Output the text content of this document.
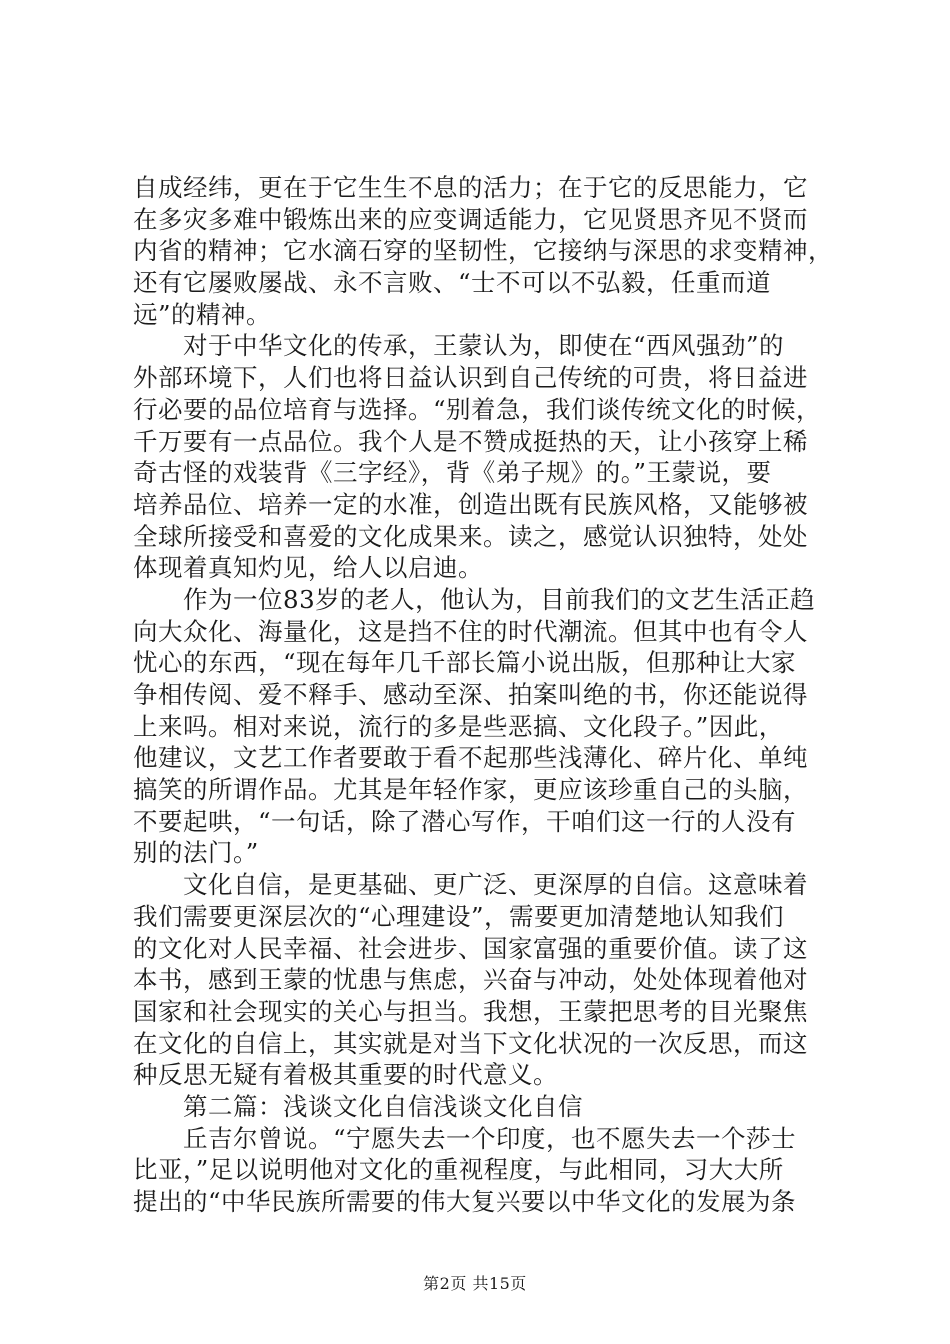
自成经纬，更在于它生生不息的活力；在于它的反思能力，它
在多灾多难中锻炼出来的应变调适能力，它见贤思齐见不贤而
内省的精神；它水滴石穿的坚韧性，它接纳与深思的求变精神，
还有它屡败屡战、永不言败、“士不可以不弘毅，任重而道
远”的精神。
　　对于中华文化的传承，王蒙认为，即使在“西风强劲”的
外部环境下，人们也将日益认识到自己传统的可贵，将日益进
行必要的品位培育与选择。“别着急，我们谈传统文化的时候，
千万要有一点品位。我个人是不赞成挺热的天，让小孩穿上稀
奇古怪的戏装背《三字经》，背《弟子规》的。”王蒙说，要
培养品位、培养一定的水准，创造出既有民族风格，又能够被
全球所接受和喜爱的文化成果来。读之，感觉认识独特，处处
体现着真知灼见，给人以启迪。
　　作为一位83岁的老人，他认为，目前我们的文艺生活正趋
向大众化、海量化，这是挡不住的时代潮流。但其中也有令人
忧心的东西，“现在每年几千部长篇小说出版，但那种让大家
争相传阅、爱不释手、感动至深、拍案叫绝的书，你还能说得
上来吗。相对来说，流行的多是些恶搞、文化段子。”因此，
他建议，文艺工作者要敢于看不起那些浅薄化、碎片化、单纯
搞笑的所谓作品。尤其是年轻作家，更应该珍重自己的头脑，
不要起哄，“一句话，除了潜心写作，干咱们这一行的人没有
别的法门。”
　　文化自信，是更基础、更广泛、更深厚的自信。这意味着
我们需要更深层次的“心理建设”，需要更加清楚地认知我们
的文化对人民幸福、社会进步、国家富强的重要价值。读了这
本书，感到王蒙的忧患与焦虑，兴奋与冲动，处处体现着他对
国家和社会现实的关心与担当。我想，王蒙把思考的目光聚焦
在文化的自信上，其实就是对当下文化状况的一次反思，而这
种反思无疑有着极其重要的时代意义。
　　第二篇：浅谈文化自信浅谈文化自信
　　丘吉尔曾说。“宁愿失去一个印度，也不愿失去一个莎士
比亚，”足以说明他对文化的重视程度，与此相同，习大大所
提出的“中华民族所需要的伟大复兴要以中华文化的发展为条
第2页 共15页
